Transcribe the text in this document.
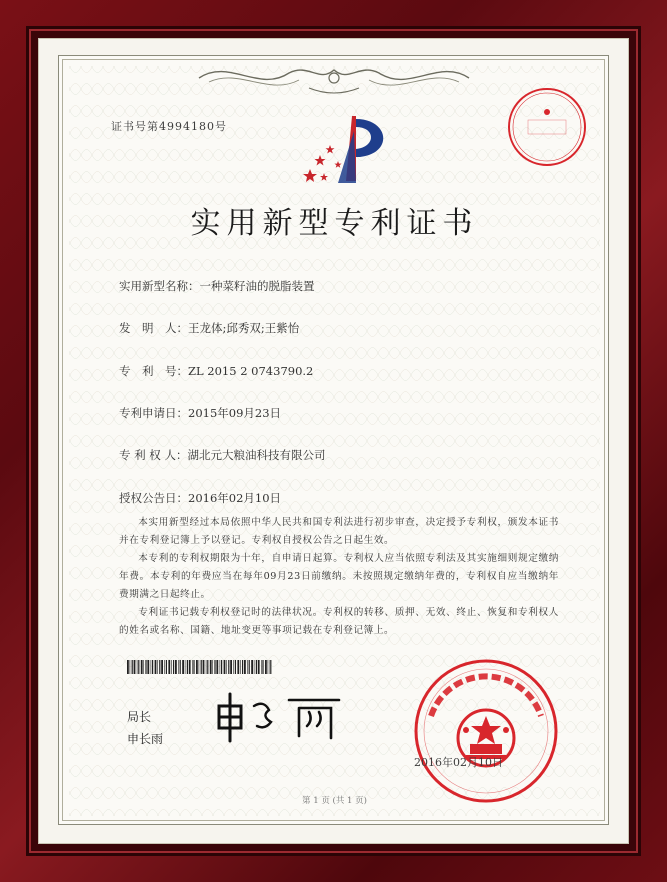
证书号第4994180号
实用新型专利证书
实用新型名称：一种菜籽油的脱脂装置
发　明　人：王龙体;邱秀双;王紫怡
专　利　号：ZL 2015 2 0743790.2
专利申请日：2015年09月23日
专 利 权 人：湖北元大粮油科技有限公司
授权公告日：2016年02月10日
本实用新型经过本局依照中华人民共和国专利法进行初步审查，决定授予专利权，颁发本证书并在专利登记簿上予以登记。专利权自授权公告之日起生效。
本专利的专利权期限为十年，自申请日起算。专利权人应当依照专利法及其实施细则规定缴纳年费。本专利的年费应当在每年09月23日前缴纳。未按照规定缴纳年费的，专利权自应当缴纳年费期满之日起终止。
专利证书记载专利权登记时的法律状况。专利权的转移、质押、无效、终止、恢复和专利权人的姓名或名称、国籍、地址变更等事项记载在专利登记簿上。
局长
申长雨
2016年02月10日
第 1 页 (共 1 页)
